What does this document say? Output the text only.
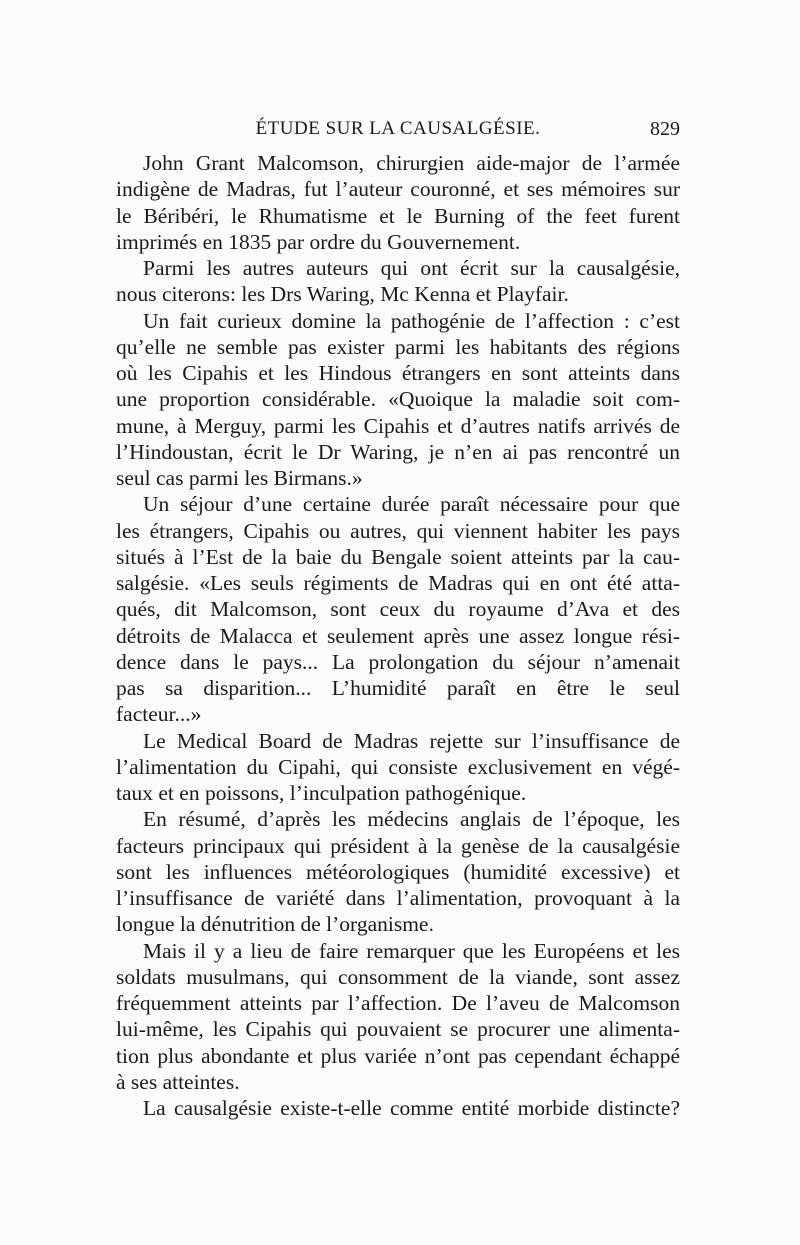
ÉTUDE SUR LA CAUSALGÉSIE.	829
John Grant Malcomson, chirurgien aide-major de l’armée
indigène de Madras, fut l’auteur couronné, et ses mémoires sur
le Béribéri, le Rhumatisme et le Burning of the feet furent
imprimés en 1835 par ordre du Gouvernement.
Parmi les autres auteurs qui ont écrit sur la causalgésie,
nous citerons: les Drs Waring, Mc Kenna et Playfair.
Un fait curieux domine la pathogénie de l’affection : c’est
qu’elle ne semble pas exister parmi les habitants des régions
où les Cipahis et les Hindous étrangers en sont atteints dans
une proportion considérable. «Quoique la maladie soit com-
mune, à Merguy, parmi les Cipahis et d’autres natifs arrivés de
l’Hindoustan, écrit le Dr Waring, je n’en ai pas rencontré un
seul cas parmi les Birmans.»
Un séjour d’une certaine durée paraît nécessaire pour que
les étrangers, Cipahis ou autres, qui viennent habiter les pays
situés à l’Est de la baie du Bengale soient atteints par la cau-
salgésie. «Les seuls régiments de Madras qui en ont été atta-
qués, dit Malcomson, sont ceux du royaume d’Ava et des
détroits de Malacca et seulement après une assez longue rési-
dence dans le pays... La prolongation du séjour n’amenait
pas sa disparition... L’humidité paraît en être le seul
facteur...»
Le Medical Board de Madras rejette sur l’insuffisance de
l’alimentation du Cipahi, qui consiste exclusivement en végé-
taux et en poissons, l’inculpation pathogénique.
En résumé, d’après les médecins anglais de l’époque, les
facteurs principaux qui président à la genèse de la causalgésie
sont les influences météorologiques (humidité excessive) et
l’insuffisance de variété dans l’alimentation, provoquant à la
longue la dénutrition de l’organisme.
Mais il y a lieu de faire remarquer que les Européens et les
soldats musulmans, qui consomment de la viande, sont assez
fréquemment atteints par l’affection. De l’aveu de Malcomson
lui-même, les Cipahis qui pouvaient se procurer une alimenta-
tion plus abondante et plus variée n’ont pas cependant échappé
à ses atteintes.
La causalgésie existe-t-elle comme entité morbide distincte?
